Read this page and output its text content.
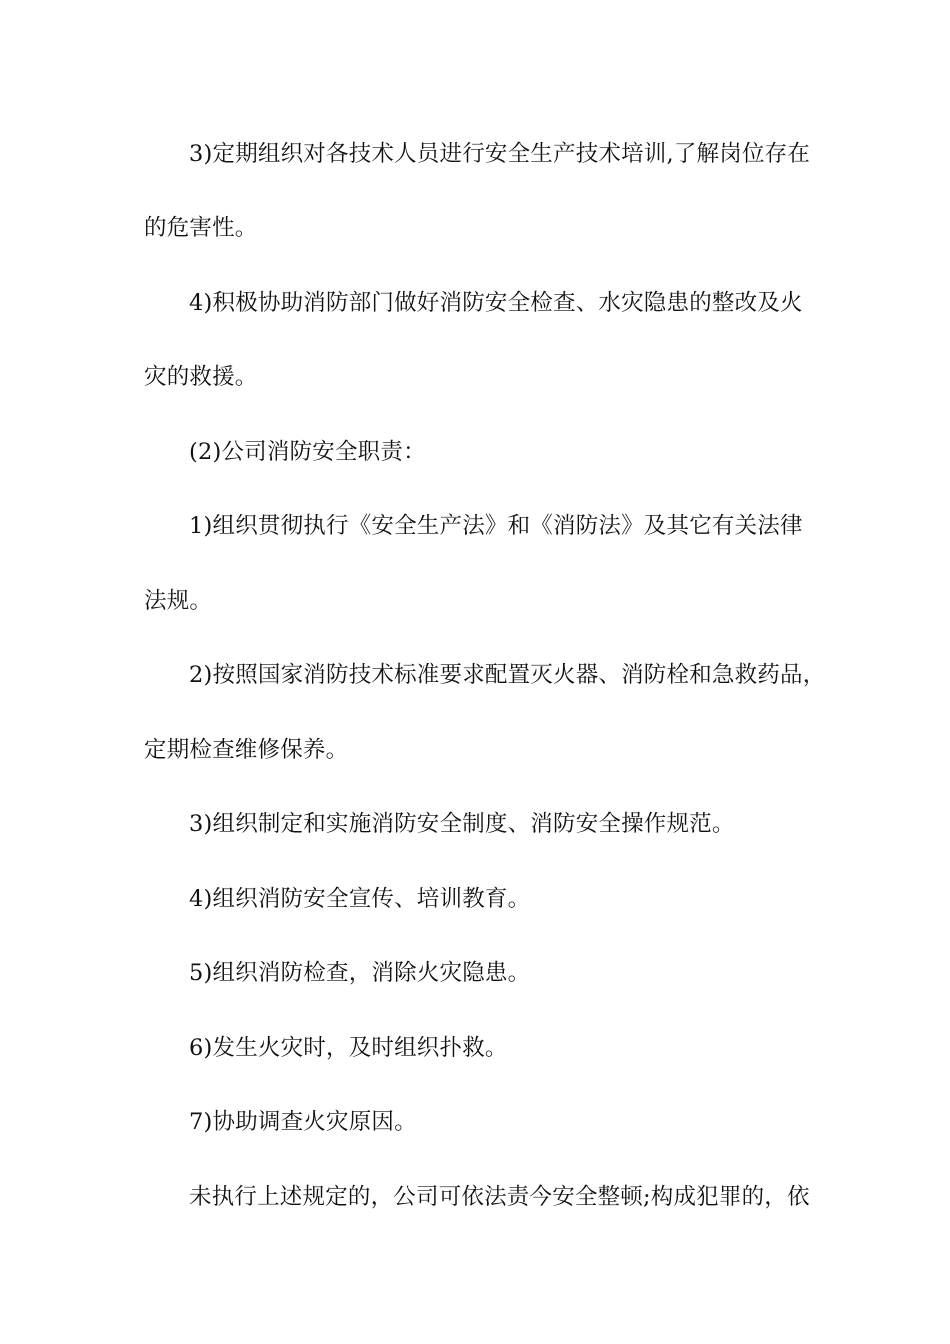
3)定期组织对各技术人员进行安全生产技术培训,了解岗位存在
的危害性。
4)积极协助消防部门做好消防安全检查、水灾隐患的整改及火
灾的救援。
(2)公司消防安全职责：
1)组织贯彻执行《安全生产法》和《消防法》及其它有关法律
法规。
2)按照国家消防技术标准要求配置灭火器、消防栓和急救药品，
定期检查维修保养。
3)组织制定和实施消防安全制度、消防安全操作规范。
4)组织消防安全宣传、培训教育。
5)组织消防检查，消除火灾隐患。
6)发生火灾时，及时组织扑救。
7)协助调查火灾原因。
未执行上述规定的，公司可依法责今安全整顿;构成犯罪的，依
